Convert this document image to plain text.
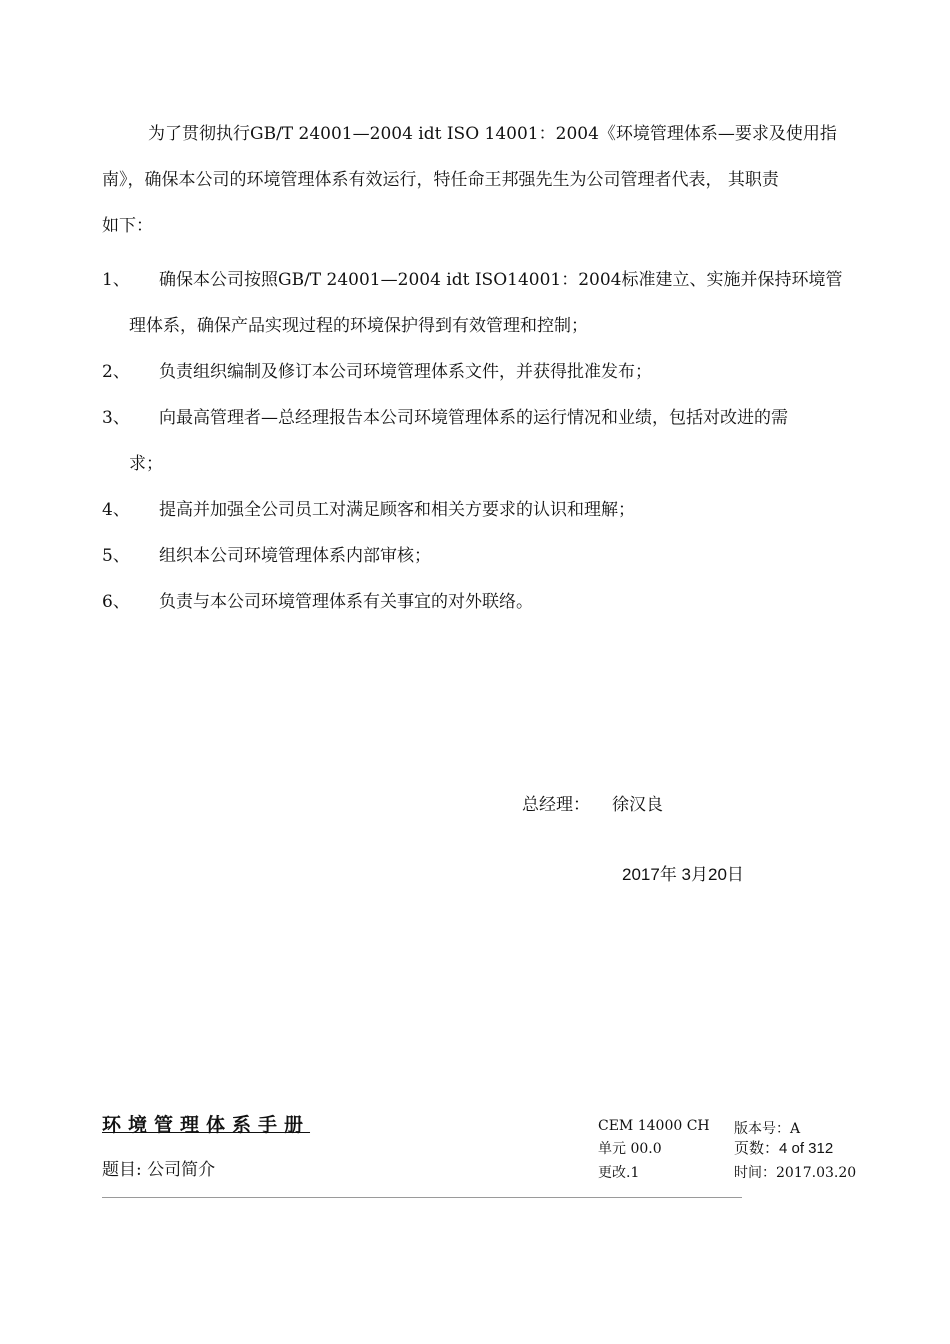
为了贯彻执行GB/T 24001—2004 idt ISO 14001：2004《环境管理体系—要求及使用指
南》，确保本公司的环境管理体系有效运行，特任命王邦强先生为公司管理者代表， 其职责
如下：
1、	确保本公司按照GB/T 24001—2004 idt ISO14001：2004标准建立、实施并保持环境管
理体系，确保产品实现过程的环境保护得到有效管理和控制；
2、	负责组织编制及修订本公司环境管理体系文件，并获得批准发布；
3、	向最高管理者—总经理报告本公司环境管理体系的运行情况和业绩，包括对改进的需
求；
4、	提高并加强全公司员工对满足顾客和相关方要求的认识和理解；
5、	组织本公司环境管理体系内部审核；
6、	负责与本公司环境管理体系有关事宜的对外联络。
总经理： 徐汉良
2017年 3月20日
环境管理体系手册
题目: 公司简介
CEM 14000 CH
单元 00.0
更改.1
版本号：A
页数：4 of 312
时间：2017.03.20
